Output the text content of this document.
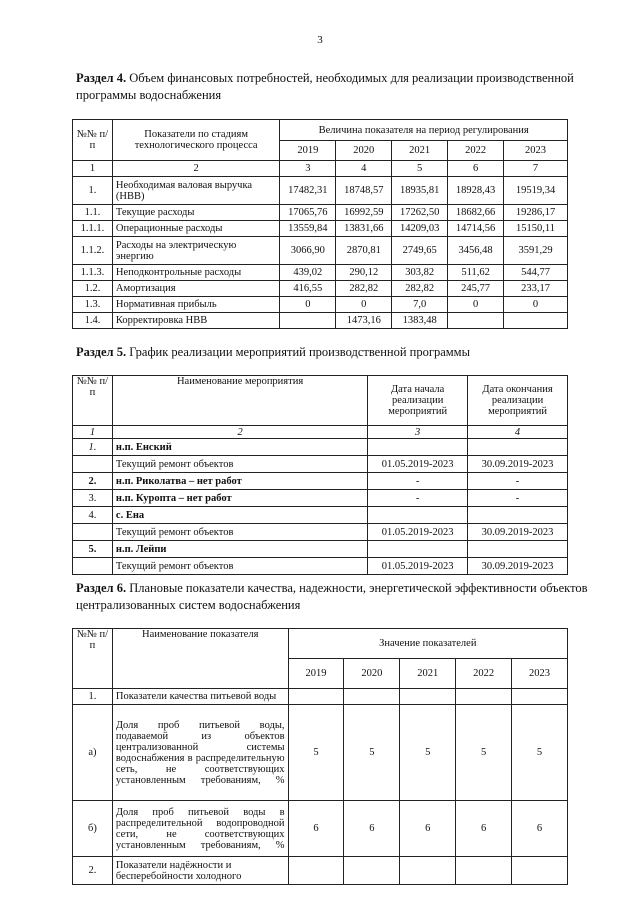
3
Раздел 4. Объем финансовых потребностей, необходимых для реализации производственной программы водоснабжения
№№ п/п	Показатели по стадиям технологического процесса	Величина показателя на период регулирования				
		2019	2020	2021	2022	2023
1	2	3	4	5	6	7
1.	Необходимая валовая выручка (НВВ)	17482,31	18748,57	18935,81	18928,43	19519,34
1.1.	Текущие расходы	17065,76	16992,59	17262,50	18682,66	19286,17
1.1.1.	Операционные расходы	13559,84	13831,66	14209,03	14714,56	15150,11
1.1.2.	Расходы на электрическую энергию	3066,90	2870,81	2749,65	3456,48	3591,29
1.1.3.	Неподконтрольные расходы	439,02	290,12	303,82	511,62	544,77
1.2.	Амортизация	416,55	282,82	282,82	245,77	233,17
1.3.	Нормативная прибыль	0	0	7,0	0	0
1.4.	Корректировка НВВ		1473,16	1383,48		
Раздел 5. График реализации мероприятий производственной программы
№№ п/п	Наименование мероприятия	Дата начала реализации мероприятий	Дата окончания реализации мероприятий
1	2	3	4
1.	н.п. Енский		
	Текущий ремонт объектов	01.05.2019-2023	30.09.2019-2023
2.	н.п. Риколатва – нет работ	-	-
3.	н.п. Куропта – нет работ	-	-
4.	с. Ена		
	Текущий ремонт объектов	01.05.2019-2023	30.09.2019-2023
5.	н.п. Лейпи		
	Текущий ремонт объектов	01.05.2019-2023	30.09.2019-2023
Раздел 6. Плановые показатели качества, надежности, энергетической эффективности объектов централизованных систем водоснабжения
№№ п/п	Наименование показателя	Значение показателей				
		2019	2020	2021	2022	2023
1.	Показатели качества питьевой воды					
а)	Доля проб питьевой воды, подаваемой из объектов централизованной системы водоснабжения в распределительную сеть, не соответствующих установленным требованиям, %	5	5	5	5	5
б)	Доля проб питьевой воды в распределительной водопроводной сети, не соответствующих установленным требованиям, %	6	6	6	6	6
2.	Показатели надёжности и бесперебойности холодного					
